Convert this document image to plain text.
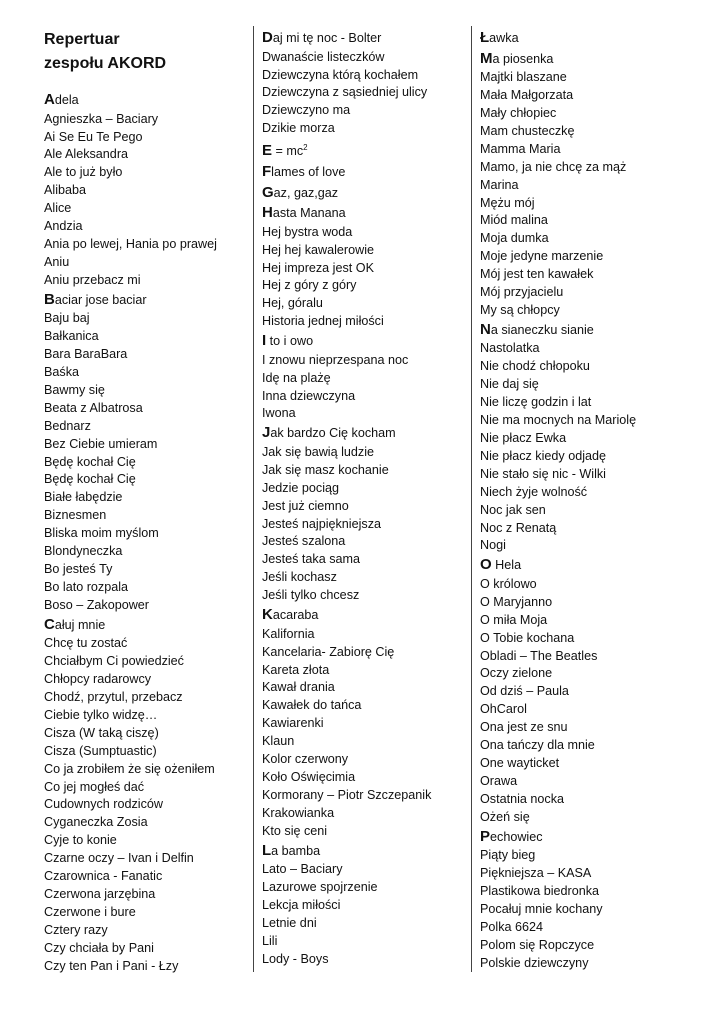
Repertuar
zespołu AKORD
Adela
Agnieszka – Baciary
Ai Se Eu Te Pego
Ale Aleksandra
Ale to już było
Alibaba
Alice
Andzia
Ania po lewej, Hania po prawej
Aniu
Aniu przebacz mi
Baciar jose baciar
Baju baj
Bałkanica
Bara BaraBara
Baśka
Bawmy się
Beata z Albatrosa
Bednarz
Bez Ciebie umieram
Będę kochał Cię
Będę kochał Cię
Białe łabędzie
Biznesmen
Bliska moim myślom
Blondyneczka
Bo jesteś Ty
Bo lato rozpala
Boso – Zakopower
Całuj mnie
Chcę tu zostać
Chciałbym Ci powiedzieć
Chłopcy radarowcy
Chodź, przytul, przebacz
Ciebie tylko widzę…
Cisza (W taką ciszę)
Cisza (Sumptuastic)
Co ja zrobiłem że się ożeniłem
Co jej mogłeś dać
Cudownych rodziców
Cyganeczka Zosia
Cyje to konie
Czarne oczy – Ivan i Delfin
Czarownica - Fanatic
Czerwona jarzębina
Czerwone i bure
Cztery razy
Czy chciała by Pani
Czy ten Pan i Pani - Łzy
Daj mi tę noc - Bolter
Dwanaście listeczków
Dziewczyna którą kochałem
Dziewczyna z sąsiedniej ulicy
Dziewczyno ma
Dzikie morza
$E = mc^2$
Flames of love
Gaz, gaz,gaz
Hasta Manana
Hej bystra woda
Hej hej kawalerowie
Hej impreza jest OK
Hej z góry z góry
Hej, góralu
Historia jednej miłości
I to i owo
I znowu nieprzespana noc
Idę na plażę
Inna dziewczyna
Iwona
Jak bardzo Cię kocham
Jak się bawią ludzie
Jak się masz kochanie
Jedzie pociąg
Jest już ciemno
Jesteś najpiękniejsza
Jesteś szalona
Jesteś taka sama
Jeśli kochasz
Jeśli tylko chcesz
Kacaraba
Kalifornia
Kancelaria- Zabiorę Cię
Kareta złota
Kawał drania
Kawałek do tańca
Kawiarenki
Klaun
Kolor czerwony
Koło Oświęcimia
Kormorany – Piotr Szczepanik
Krakowianka
Kto się ceni
La bamba
Lato – Baciary
Lazurowe spojrzenie
Lekcja miłości
Letnie dni
Lili
Lody - Boys
Ławka
Ma piosenka
Majtki blaszane
Mała Małgorzata
Mały chłopiec
Mam chusteczkę
Mamma Maria
Mamo, ja nie chcę za mąż
Marina
Mężu mój
Miód malina
Moja dumka
Moje jedyne marzenie
Mój jest ten kawałek
Mój przyjacielu
My są chłopcy
Na sianeczku sianie
Nastolatka
Nie chodź chłopoku
Nie daj się
Nie liczę godzin i lat
Nie ma mocnych na Mariolę
Nie płacz Ewka
Nie płacz kiedy odjadę
Nie stało się nic - Wilki
Niech żyje wolność
Noc jak sen
Noc z Renatą
Nogi
O Hela
O królowo
O Maryjanno
O miła Moja
O Tobie kochana
Obladi – The Beatles
Oczy zielone
Od dziś – Paula
OhCarol
Ona jest ze snu
Ona tańczy dla mnie
One wayticket
Orawa
Ostatnia nocka
Ożeń się
Pechowiec
Piąty bieg
Piękniejsza – KASA
Plastikowa biedronka
Pocałuj mnie kochany
Polka 6624
Polom się Ropczyce
Polskie dziewczyny
